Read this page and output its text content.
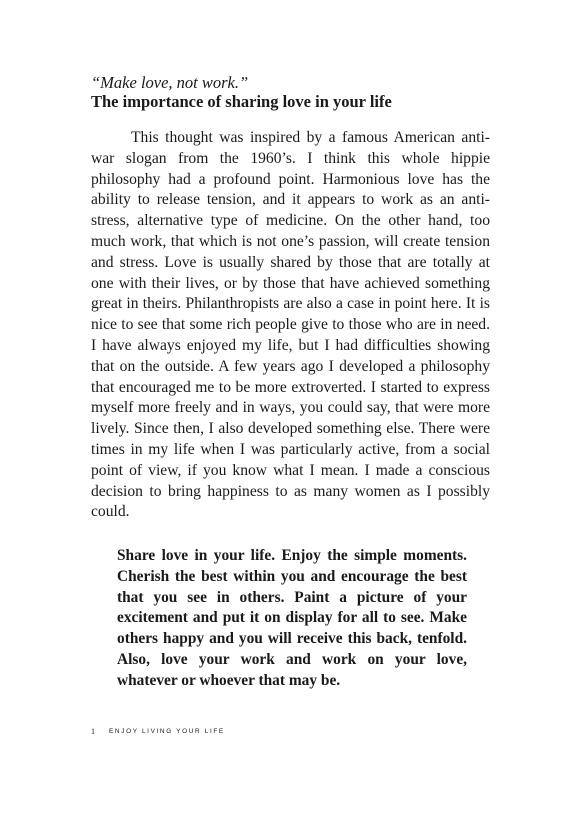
“Make love, not work.”
The importance of sharing love in your life
This thought was inspired by a famous American anti-war slogan from the 1960’s. I think this whole hippie philosophy had a profound point. Harmonious love has the ability to release tension, and it appears to work as an anti-stress, alternative type of medicine. On the other hand, too much work, that which is not one’s passion, will create tension and stress. Love is usually shared by those that are totally at one with their lives, or by those that have achieved something great in theirs. Philanthropists are also a case in point here. It is nice to see that some rich people give to those who are in need. I have always enjoyed my life, but I had difficulties showing that on the outside. A few years ago I developed a philosophy that encouraged me to be more extroverted. I started to express myself more freely and in ways, you could say, that were more lively. Since then, I also developed something else. There were times in my life when I was particularly active, from a social point of view, if you know what I mean. I made a conscious decision to bring happiness to as many women as I possibly could.
Share love in your life. Enjoy the simple moments. Cherish the best within you and encourage the best that you see in others. Paint a picture of your excitement and put it on display for all to see. Make others happy and you will receive this back, tenfold. Also, love your work and work on your love, whatever or whoever that may be.
1 ENJOY LIVING YOUR LIFE
